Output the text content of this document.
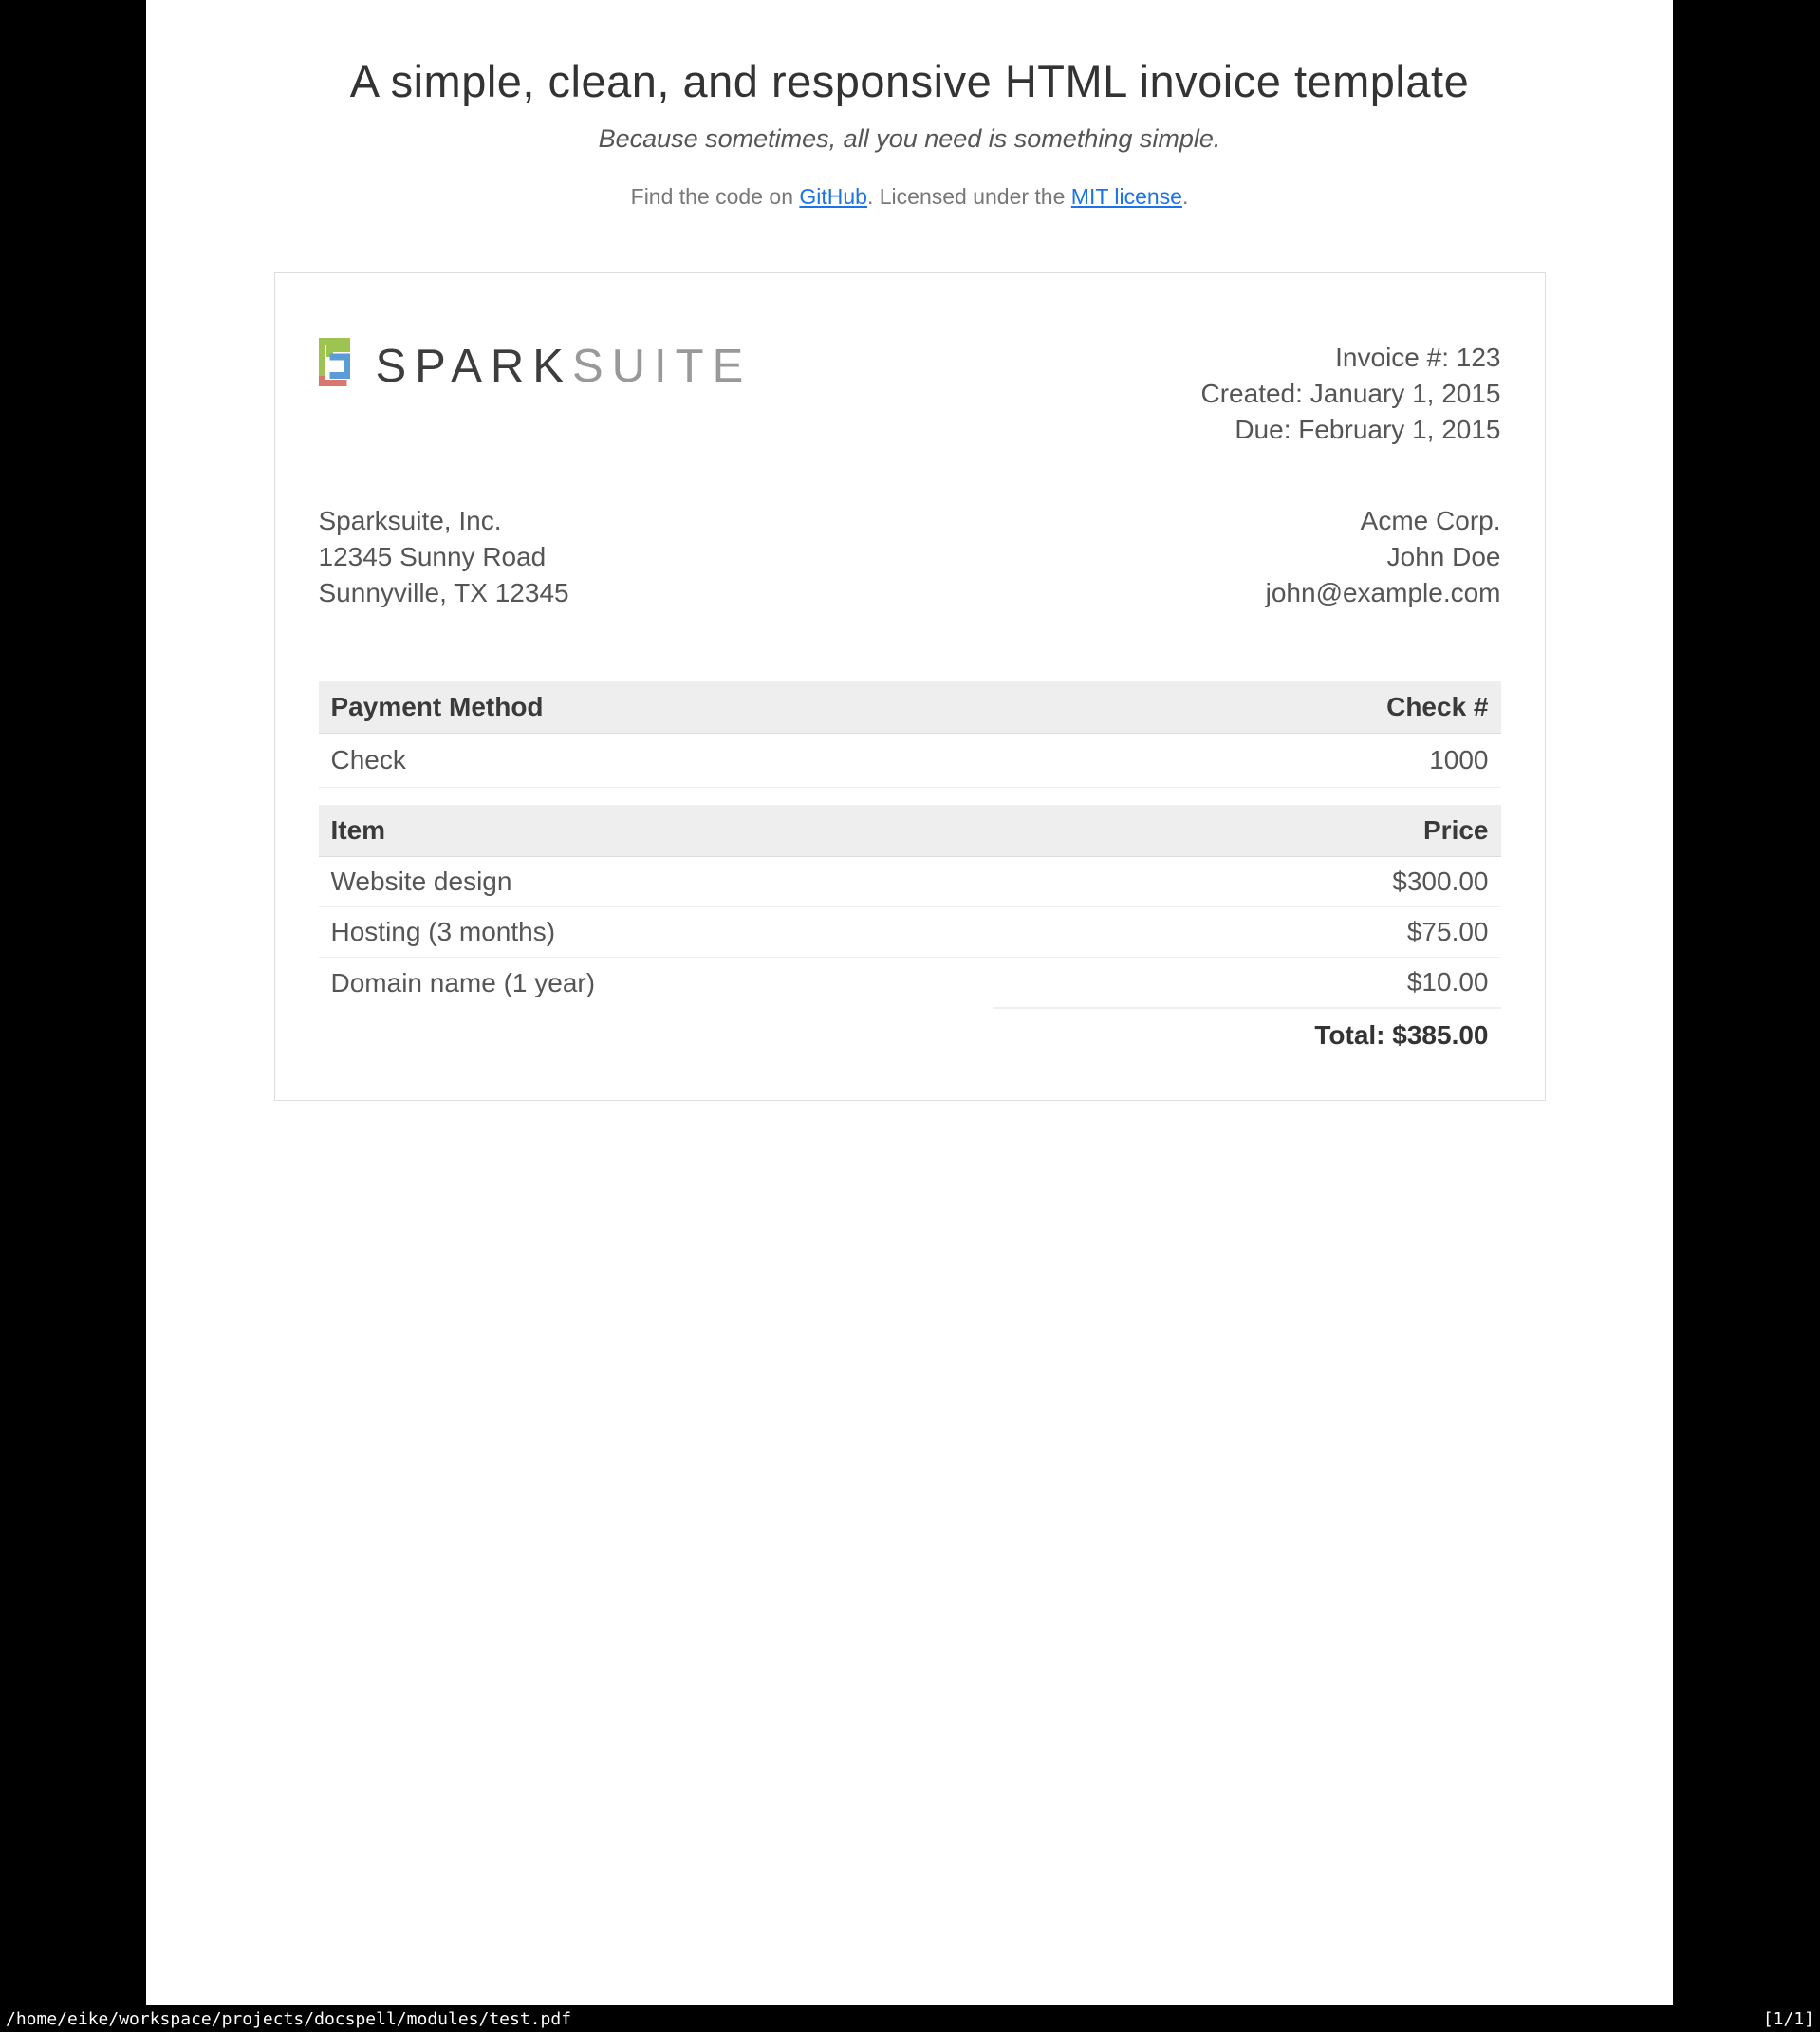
A simple, clean, and responsive HTML invoice template
Because sometimes, all you need is something simple.
Find the code on GitHub. Licensed under the MIT license.
SPARKSUITE	Invoice #: 123
Created: January 1, 2015
Due: February 1, 2015
Sparksuite, Inc.
12345 Sunny Road
Sunnyville, TX 12345
Acme Corp.
John Doe
john@example.com
Payment Method	Check #
Check	1000
Item	Price
Website design	$300.00
Hosting (3 months)	$75.00
Domain name (1 year)	$10.00
	Total: $385.00
/home/eike/workspace/projects/docspell/modules/test.pdf	[1/1]
